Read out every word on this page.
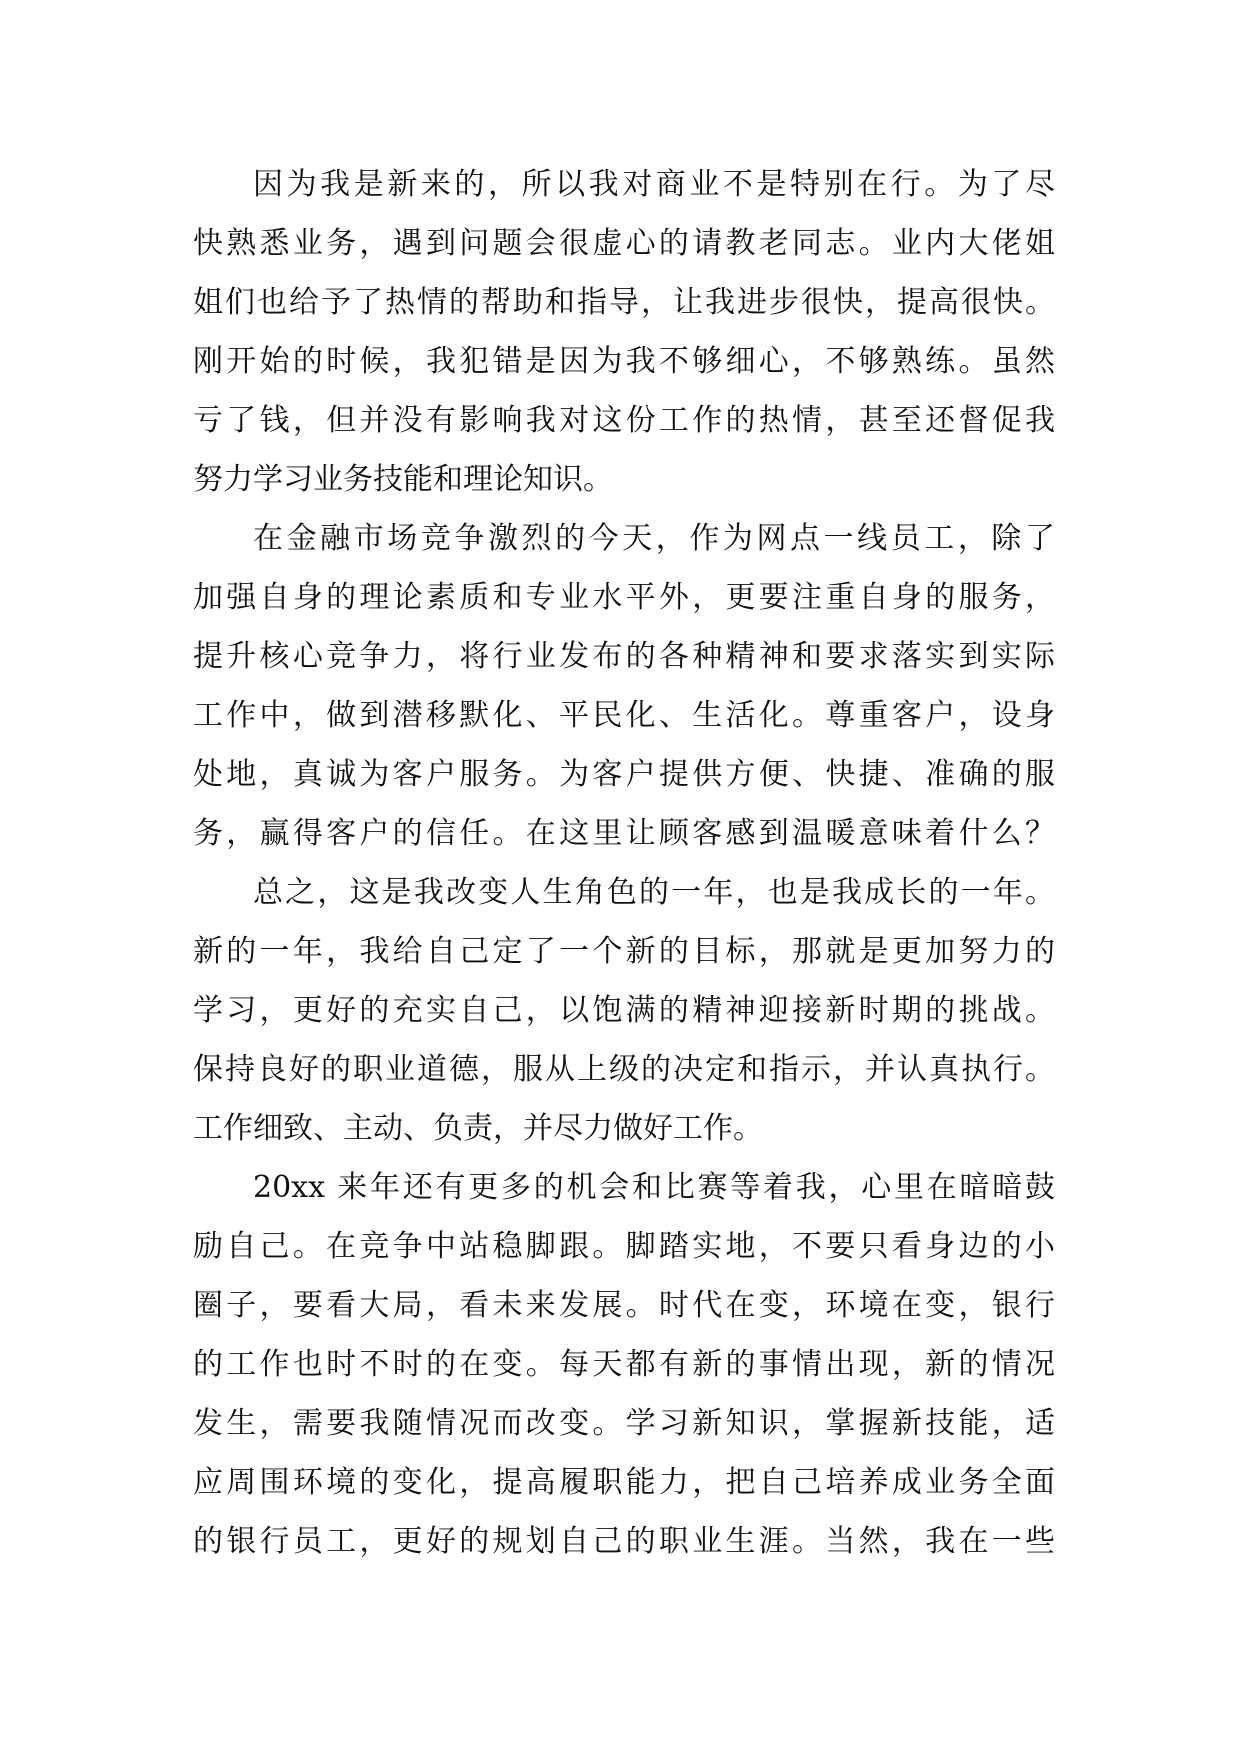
因为我是新来的，所以我对商业不是特别在行。为了尽
快熟悉业务，遇到问题会很虚心的请教老同志。业内大佬姐
姐们也给予了热情的帮助和指导，让我进步很快，提高很快。
刚开始的时候，我犯错是因为我不够细心，不够熟练。虽然
亏了钱，但并没有影响我对这份工作的热情，甚至还督促我
努力学习业务技能和理论知识。
在金融市场竞争激烈的今天，作为网点一线员工，除了
加强自身的理论素质和专业水平外，更要注重自身的服务，
提升核心竞争力，将行业发布的各种精神和要求落实到实际
工作中，做到潜移默化、平民化、生活化。尊重客户，设身
处地，真诚为客户服务。为客户提供方便、快捷、准确的服
务，赢得客户的信任。在这里让顾客感到温暖意味着什么？
总之，这是我改变人生角色的一年，也是我成长的一年。
新的一年，我给自己定了一个新的目标，那就是更加努力的
学习，更好的充实自己，以饱满的精神迎接新时期的挑战。
保持良好的职业道德，服从上级的决定和指示，并认真执行。
工作细致、主动、负责，并尽力做好工作。
20xx 来年还有更多的机会和比赛等着我，心里在暗暗鼓
励自己。在竞争中站稳脚跟。脚踏实地，不要只看身边的小
圈子，要看大局，看未来发展。时代在变，环境在变，银行
的工作也时不时的在变。每天都有新的事情出现，新的情况
发生，需要我随情况而改变。学习新知识，掌握新技能，适
应周围环境的变化，提高履职能力，把自己培养成业务全面
的银行员工，更好的规划自己的职业生涯。当然，我在一些
